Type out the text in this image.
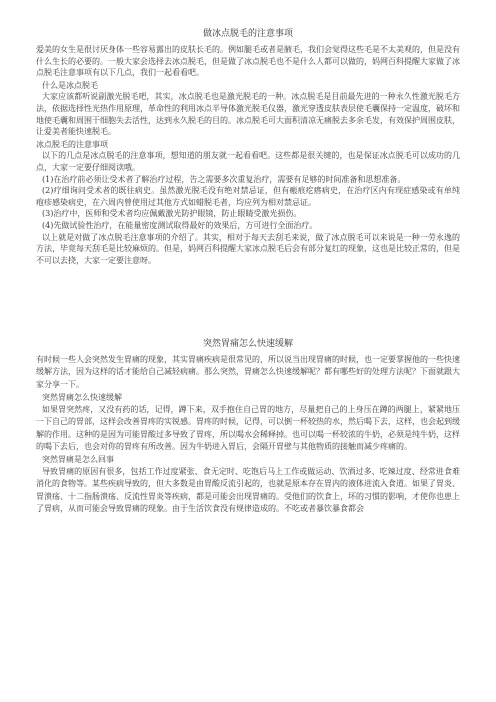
做冰点脱毛的注意事项

爱美的女生是很讨厌身体一些容易露出的皮肤长毛的。例如腿毛或者是腋毛，我们会觉得这些毛是不太美观的，但是没有什么生长的必要的。一般大家会选择去冰点脱毛，但是做了冰点脱毛也不是什么人都可以做的，妈网百科提醒大家做了冰点脱毛注意事项有以下几点，我们一起看看吧。

什么是冰点脱毛

大家应该都听说副激光脱毛吧，其实，冰点脱毛也是激光脱毛的一种。冰点脱毛是目前最先进的一种永久性激光脱毛方法，依据选择性光热作用原理，革命性的利用冰点半导体激光脱毛仪器，激光穿透皮肤表层使毛囊保持一定温度，破坏和地使毛囊和周围干细胞失去活性，达到永久脱毛的目的。冰点脱毛可大面积清凉无痛脱去多余毛发，有效保护周围皮肤，让爱美者能快速脱毛。

冰点脱毛的注意事项

以下的几点是冰点脱毛的注意事项，想知道的朋友就一起看看吧。这些都是很关键的，也是保证冰点脱毛可以成功的几点，大家一定要仔细阅读哦。

(1)在治疗前必须让受术者了解治疗过程，告之需要多次重复治疗，需要有足够的时间准备和思想准备。

(2)疗细询问受术者的既往病史。虽然激光脱毛没有绝对禁忌证，但有瘢痕疙瘩病史，在治疗区内有现症感染或有单纯疱疹感染病史，在六周内曾使用过其他方式如蜡脱毛者，均应列为相对禁忌证。

(3)治疗中，医师和受术者均应佩戴激光防护眼镜，防止眼睛受激光损伤。

(4)先做试验性治疗，在能量密度测试取得最好的效果后，方可进行全面治疗。

以上就是对做了冰点脱毛注意事项的介绍了。其实，相对于每天去刮毛来说，做了冰点脱毛可以来说是一种一劳永逸的方法，毕竟每天刮毛是比较麻烦的。但是，妈网百科提醒大家冰点脱毛后会有部分复红的现象，这也是比较正常的，但是不可以去挠，大家一定要注意呀。

突然胃痛怎么快速缓解

有时候一些人会突然发生胃痛的现象，其实胃痛疾病是很常见的，所以说当出现胃痛的时候，也一定要掌握他的一些快速缓解方法，因为这样的话才能给自己减轻病痛。那么突然，胃痛怎么快速缓解呢？都有哪些好的处理方法呢？下面就跟大家分享一下。

突然胃痛怎么快速缓解

如果胃突然疼，又没有药的话，记得，蹲下来，双手抱住自己胃的地方，尽量把自己的上身压在蹲的两腿上，紧紧地压一下自己的胃部，这样会改善胃疼的实锐感。胃疼的时候，记得，可以倒一杯较热的水，然后喝下去，这样，也会起到缓解的作用。这种的是因为可能胃酸过多导致了胃疼，所以喝水会稀释掉。也可以喝一杯较浓的牛奶，必须是纯牛奶，这样的喝下去后，也会对你的胃疼有所改善。因为牛奶进入胃后，会隔开胃壁与其他物质的接触而减少疼痛的。

突然胃痛是怎么回事

导致胃痛的原因有很多，包括工作过度紧张、食无定时、吃饱后马上工作或做运动、饮酒过多、吃辣过度、经常进食难消化的食物等。某些疾病导致的，但大多数是由胃酸反流引起的，也就是原本存在胃内的液体进流入食道。如果了胃炎、胃溃疡、十二指肠溃疡、反流性胃炎等疾病，都是可能会出现胃痛的。受他们的饮食上，坏的习惯的影响，才使你也患上了胃病，从而可能会导致胃痛的现象。由于生活饮食没有规律造成的。不吃或者暴饮暴食都会
